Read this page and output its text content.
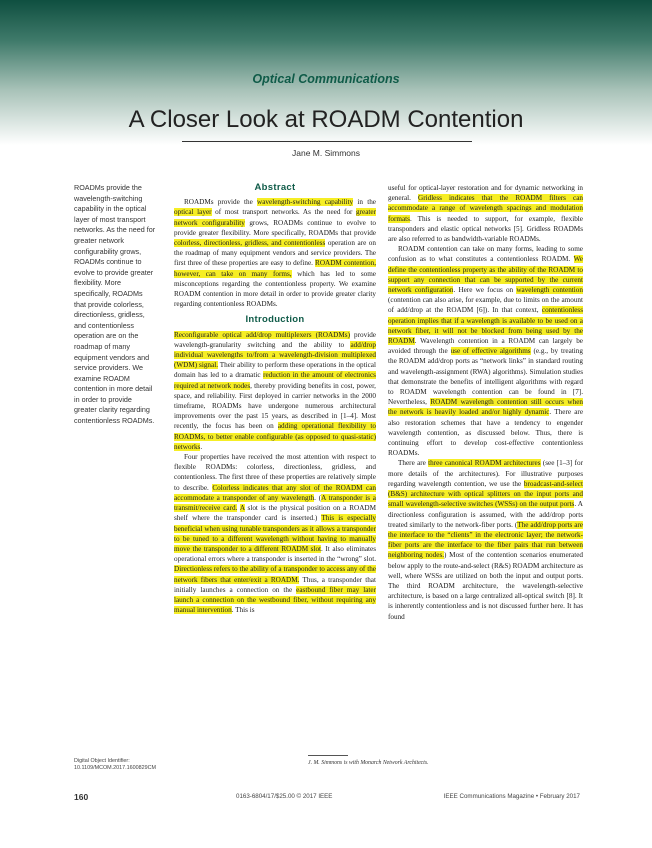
Optical Communications
A Closer Look at ROADM Contention
Jane M. Simmons

ROADMs provide the wavelength-switching capability in the optical layer of most transport networks. As the need for greater network configurability grows, ROADMs continue to evolve to provide greater flexibility. More specifically, ROADMs that provide colorless, directionless, gridless, and contentionless operation are on the roadmap of many equipment vendors and service providers. We examine ROADM contention in more detail in order to provide greater clarity regarding contentionless ROADMs.

Abstract

ROADMs provide the wavelength-switching capability in the optical layer of most transport networks. As the need for greater network configurability grows, ROADMs continue to evolve to provide greater flexibility. More specifically, ROADMs that provide colorless, directionless, gridless, and contentionless operation are on the roadmap of many equipment vendors and service providers. The first three of these properties are easy to define. ROADM contention, however, can take on many forms, which has led to some misconceptions regarding the contentionless property. We examine ROADM contention in more detail in order to provide greater clarity regarding contentionless ROADMs.

Introduction

Reconfigurable optical add/drop multiplexers (ROADMs) provide wavelength-granularity switching and the ability to add/drop individual wavelengths to/from a wavelength-division multiplexed (WDM) signal. Their ability to perform these operations in the optical domain has led to a dramatic reduction in the amount of electronics required at network nodes, thereby providing benefits in cost, power, space, and reliability. First deployed in carrier networks in the 2000 timeframe, ROADMs have undergone numerous architectural improvements over the past 15 years, as described in [1–4]. Most recently, the focus has been on adding operational flexibility to ROADMs, to better enable configurable (as opposed to quasi-static) networks.

Four properties have received the most attention with respect to flexible ROADMs: colorless, directionless, gridless, and contentionless. The first three of these properties are relatively simple to describe. Colorless indicates that any slot of the ROADM can accommodate a transponder of any wavelength. (A transponder is a transmit/receive card. A slot is the physical position on a ROADM shelf where the transponder card is inserted.) This is especially beneficial when using tunable transponders as it allows a transponder to be tuned to a different wavelength without having to manually move the transponder to a different ROADM slot. It also eliminates operational errors where a transponder is inserted in the “wrong” slot. Directionless refers to the ability of a transponder to access any of the network fibers that enter/exit a ROADM. Thus, a transponder that initially launches a connection on the eastbound fiber may later launch a connection on the westbound fiber, without requiring any manual intervention. This is

useful for optical-layer restoration and for dynamic networking in general. Gridless indicates that the ROADM filters can accommodate a range of wavelength spacings and modulation formats. This is needed to support, for example, flexible transponders and elastic optical networks [5]. Gridless ROADMs are also referred to as bandwidth-variable ROADMs.

ROADM contention can take on many forms, leading to some confusion as to what constitutes a contentionless ROADM. We define the contentionless property as the ability of the ROADM to support any connection that can be supported by the current network configuration. Here we focus on wavelength contention (contention can also arise, for example, due to limits on the amount of add/drop at the ROADM [6]). In that context, contentionless operation implies that if a wavelength is available to be used on a network fiber, it will not be blocked from being used by the ROADM. Wavelength contention in a ROADM can largely be avoided through the use of effective algorithms (e.g., by treating the ROADM add/drop ports as “network links” in standard routing and wavelength-assignment (RWA) algorithms). Simulation studies that demonstrate the benefits of intelligent algorithms with regard to ROADM wavelength contention can be found in [7]. Nevertheless, ROADM wavelength contention still occurs when the network is heavily loaded and/or highly dynamic. There are also restoration schemes that have a tendency to engender wavelength contention, as discussed below. Thus, there is continuing effort to develop cost-effective contentionless ROADMs.

There are three canonical ROADM architectures (see [1–3] for more details of the architectures). For illustrative purposes regarding wavelength contention, we use the broadcast-and-select (B&S) architecture with optical splitters on the input ports and small wavelength-selective switches (WSSs) on the output ports. A directionless configuration is assumed, with the add/drop ports treated similarly to the network-fiber ports. (The add/drop ports are the interface to the “clients” in the electronic layer; the network-fiber ports are the interface to the fiber pairs that run between neighboring nodes.) Most of the contention scenarios enumerated below apply to the route-and-select (R&S) ROADM architecture as well, where WSSs are utilized on both the input and output ports. The third ROADM architecture, the wavelength-selective architecture, is based on a large centralized all-optical switch [8]. It is inherently contentionless and is not discussed further here. It has found

Digital Object Identifier:
10.1109/MCOM.2017.1600829CM
J. M. Simmons is with Monarch Network Architects.
160	0163-6804/17/$25.00 © 2017 IEEE	IEEE Communications Magazine • February 2017
